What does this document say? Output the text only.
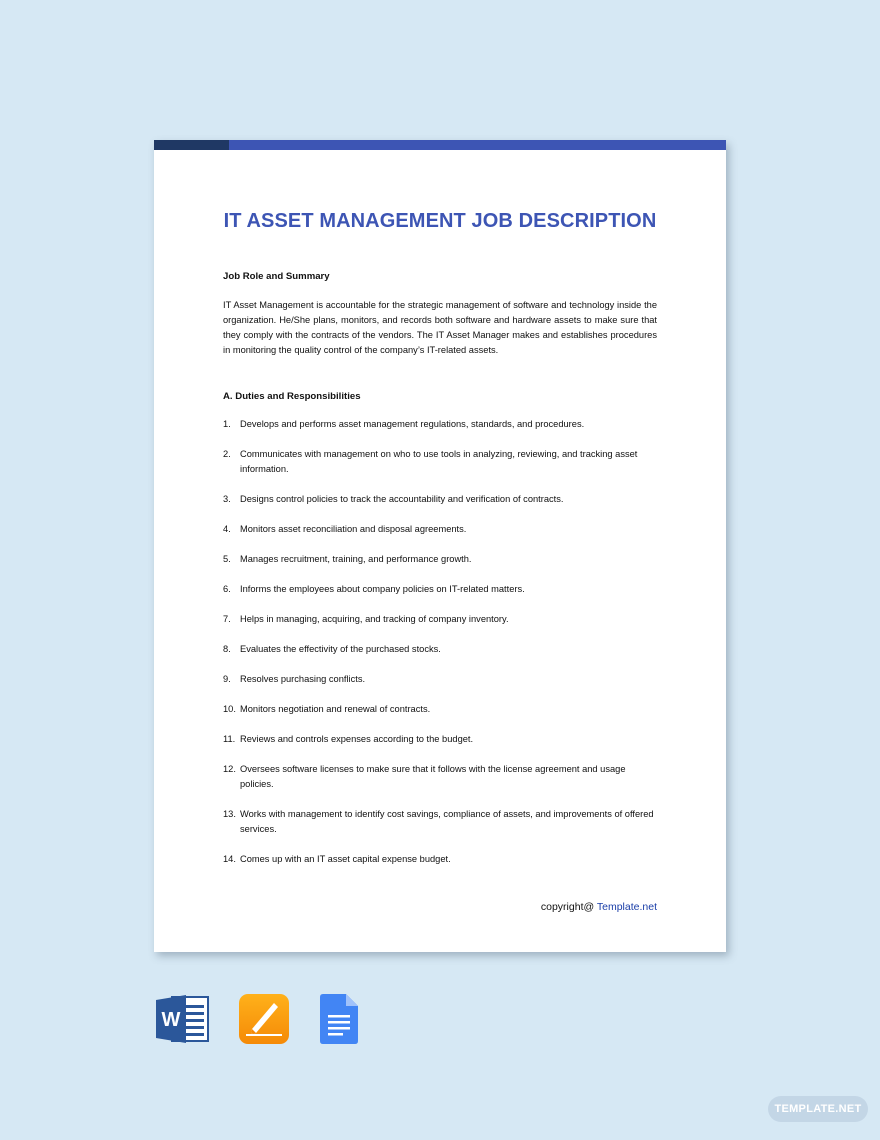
IT ASSET MANAGEMENT JOB DESCRIPTION

Job Role and Summary

IT Asset Management is accountable for the strategic management of software and technology inside the organization. He/She plans, monitors, and records both software and hardware assets to make sure that they comply with the contracts of the vendors. The IT Asset Manager makes and establishes procedures in monitoring the quality control of the company’s IT-related assets.

A. Duties and Responsibilities

1. Develops and performs asset management regulations, standards, and procedures.
2. Communicates with management on who to use tools in analyzing, reviewing, and tracking asset information.
3. Designs control policies to track the accountability and verification of contracts.
4. Monitors asset reconciliation and disposal agreements.
5. Manages recruitment, training, and performance growth.
6. Informs the employees about company policies on IT-related matters.
7. Helps in managing, acquiring, and tracking of company inventory.
8. Evaluates the effectivity of the purchased stocks.
9. Resolves purchasing conflicts.
10. Monitors negotiation and renewal of contracts.
11. Reviews and controls expenses according to the budget.
12. Oversees software licenses to make sure that it follows with the license agreement and usage policies.
13. Works with management to identify cost savings, compliance of assets, and improvements of offered services.
14. Comes up with an IT asset capital expense budget.
copyright@ Template.net
W
TEMPLATE.NET
